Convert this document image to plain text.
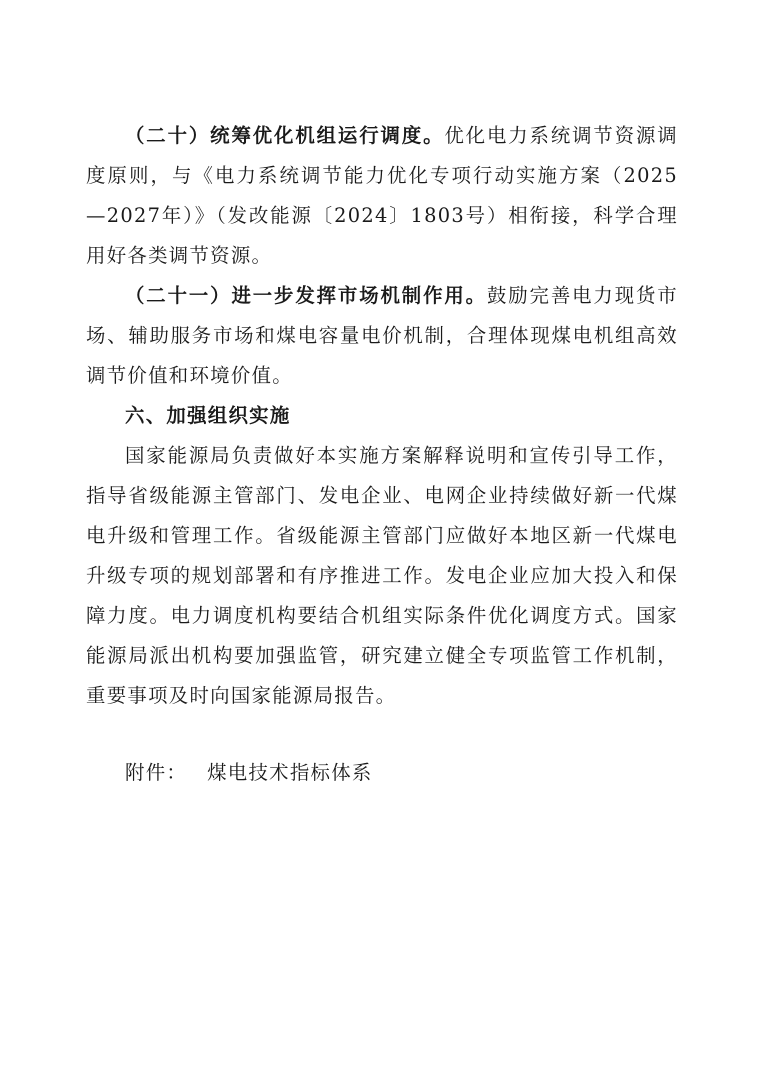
（二十）统筹优化机组运行调度。优化电力系统调节资源调度原则，与《电力系统调节能力优化专项行动实施方案（2025—2027年）》（发改能源〔2024〕1803号）相衔接，科学合理用好各类调节资源。

（二十一）进一步发挥市场机制作用。鼓励完善电力现货市场、辅助服务市场和煤电容量电价机制，合理体现煤电机组高效调节价值和环境价值。

六、加强组织实施

国家能源局负责做好本实施方案解释说明和宣传引导工作，指导省级能源主管部门、发电企业、电网企业持续做好新一代煤电升级和管理工作。省级能源主管部门应做好本地区新一代煤电升级专项的规划部署和有序推进工作。发电企业应加大投入和保障力度。电力调度机构要结合机组实际条件优化调度方式。国家能源局派出机构要加强监管，研究建立健全专项监管工作机制，重要事项及时向国家能源局报告。

附件： 煤电技术指标体系
